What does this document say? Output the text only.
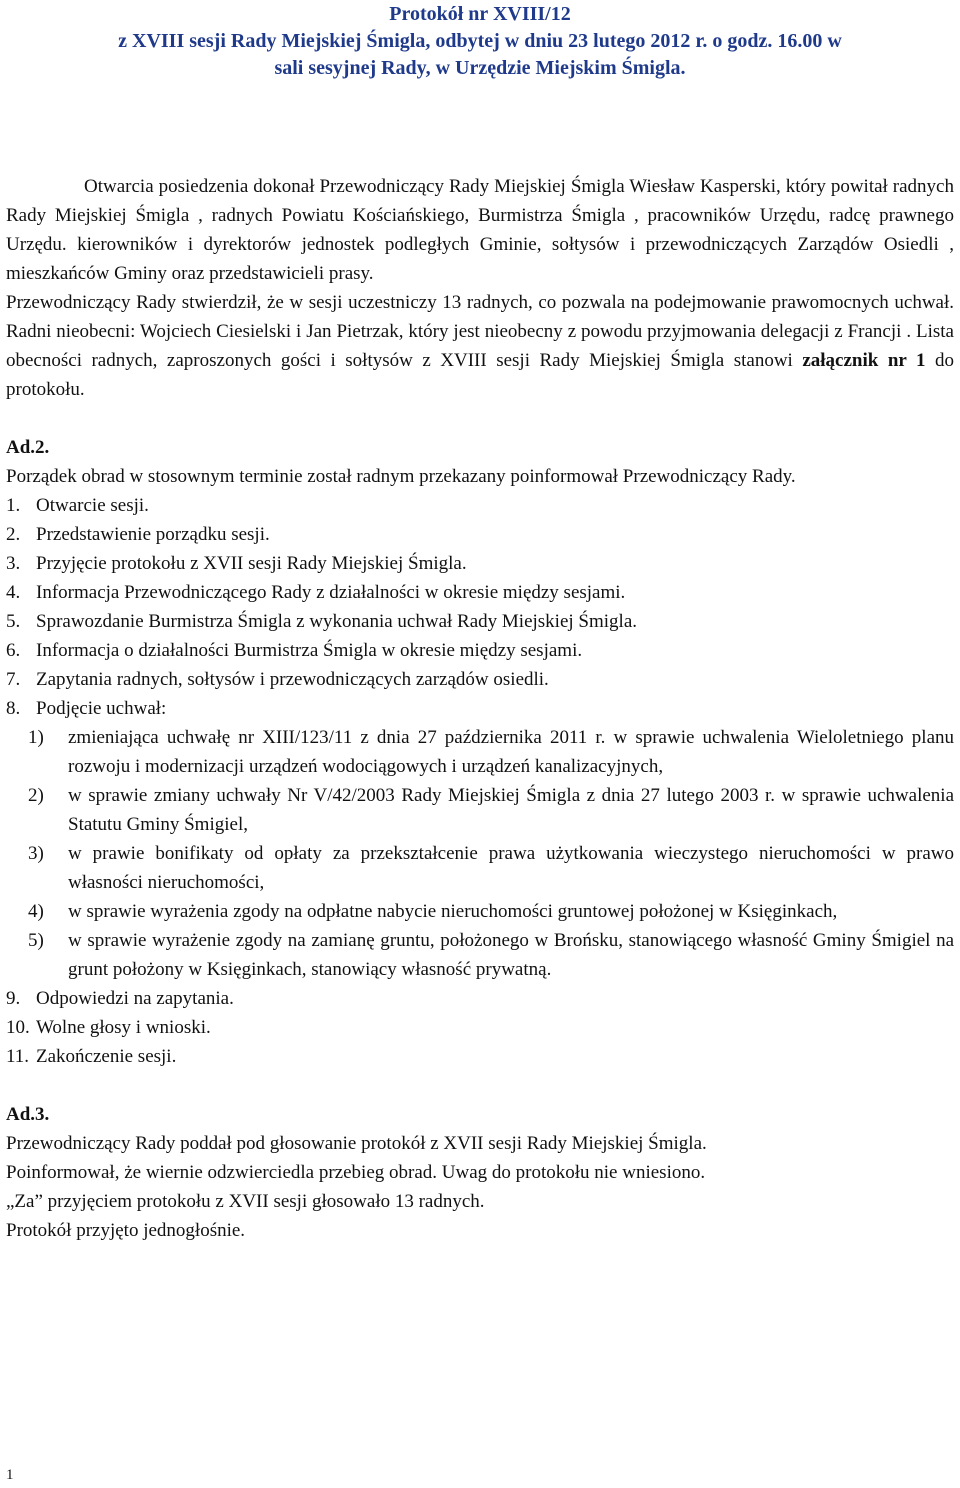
Protokół nr XVIII/12
z XVIII sesji Rady Miejskiej Śmigla, odbytej w dniu 23 lutego 2012 r. o godz. 16.00 w
sali sesyjnej Rady, w Urzędzie Miejskim Śmigla.

Otwarcia posiedzenia dokonał Przewodniczący Rady Miejskiej Śmigla Wiesław Kasperski, który powitał radnych Rady Miejskiej Śmigla , radnych Powiatu Kościańskiego, Burmistrza Śmigla , pracowników Urzędu, radcę prawnego Urzędu. kierowników i dyrektorów jednostek podległych Gminie, sołtysów i przewodniczących Zarządów Osiedli , mieszkańców Gminy oraz przedstawicieli prasy.

Przewodniczący Rady stwierdził, że w sesji uczestniczy 13 radnych, co pozwala na podejmowanie prawomocnych uchwał. Radni nieobecni: Wojciech Ciesielski i Jan Pietrzak, który jest nieobecny z powodu przyjmowania delegacji z Francji . Lista obecności radnych, zaproszonych gości i sołtysów z XVIII sesji Rady Miejskiej Śmigla stanowi załącznik nr 1 do protokołu.

Ad.2.

Porządek obrad w stosownym terminie został radnym przekazany poinformował Przewodniczący Rady.

1. Otwarcie sesji.
2. Przedstawienie porządku sesji.
3. Przyjęcie protokołu z XVII sesji Rady Miejskiej Śmigla.
4. Informacja Przewodniczącego Rady z działalności w okresie między sesjami.
5. Sprawozdanie Burmistrza Śmigla z wykonania uchwał Rady Miejskiej Śmigla.
6. Informacja o działalności Burmistrza Śmigla w okresie między sesjami.
7. Zapytania radnych, sołtysów i przewodniczących zarządów osiedli.
8. Podjęcie uchwał:
1)	zmieniająca uchwałę nr XIII/123/11 z dnia 27 października 2011 r. w sprawie uchwalenia Wieloletniego planu rozwoju i modernizacji urządzeń wodociągowych i urządzeń kanalizacyjnych,
2)	w sprawie zmiany uchwały Nr V/42/2003 Rady Miejskiej Śmigla z dnia 27 lutego 2003 r. w sprawie uchwalenia Statutu Gminy Śmigiel,
3)	w prawie bonifikaty od opłaty za przekształcenie prawa użytkowania wieczystego nieruchomości w prawo własności nieruchomości,
4)	w sprawie wyrażenia zgody na odpłatne nabycie nieruchomości gruntowej położonej w Księginkach,
5)	w sprawie wyrażenie zgody na zamianę gruntu, położonego w Brońsku, stanowiącego własność Gminy Śmigiel na grunt położony w Księginkach, stanowiący własność prywatną.
9. Odpowiedzi na zapytania.
10. Wolne głosy i wnioski.
11. Zakończenie sesji.
Ad.3.
Przewodniczący Rady poddał pod głosowanie protokół z XVII sesji Rady Miejskiej Śmigla.
Poinformował, że wiernie odzwierciedla przebieg obrad. Uwag do protokołu nie wniesiono.
„Za” przyjęciem protokołu z XVII sesji głosowało 13 radnych.
Protokół przyjęto jednogłośnie.
1
